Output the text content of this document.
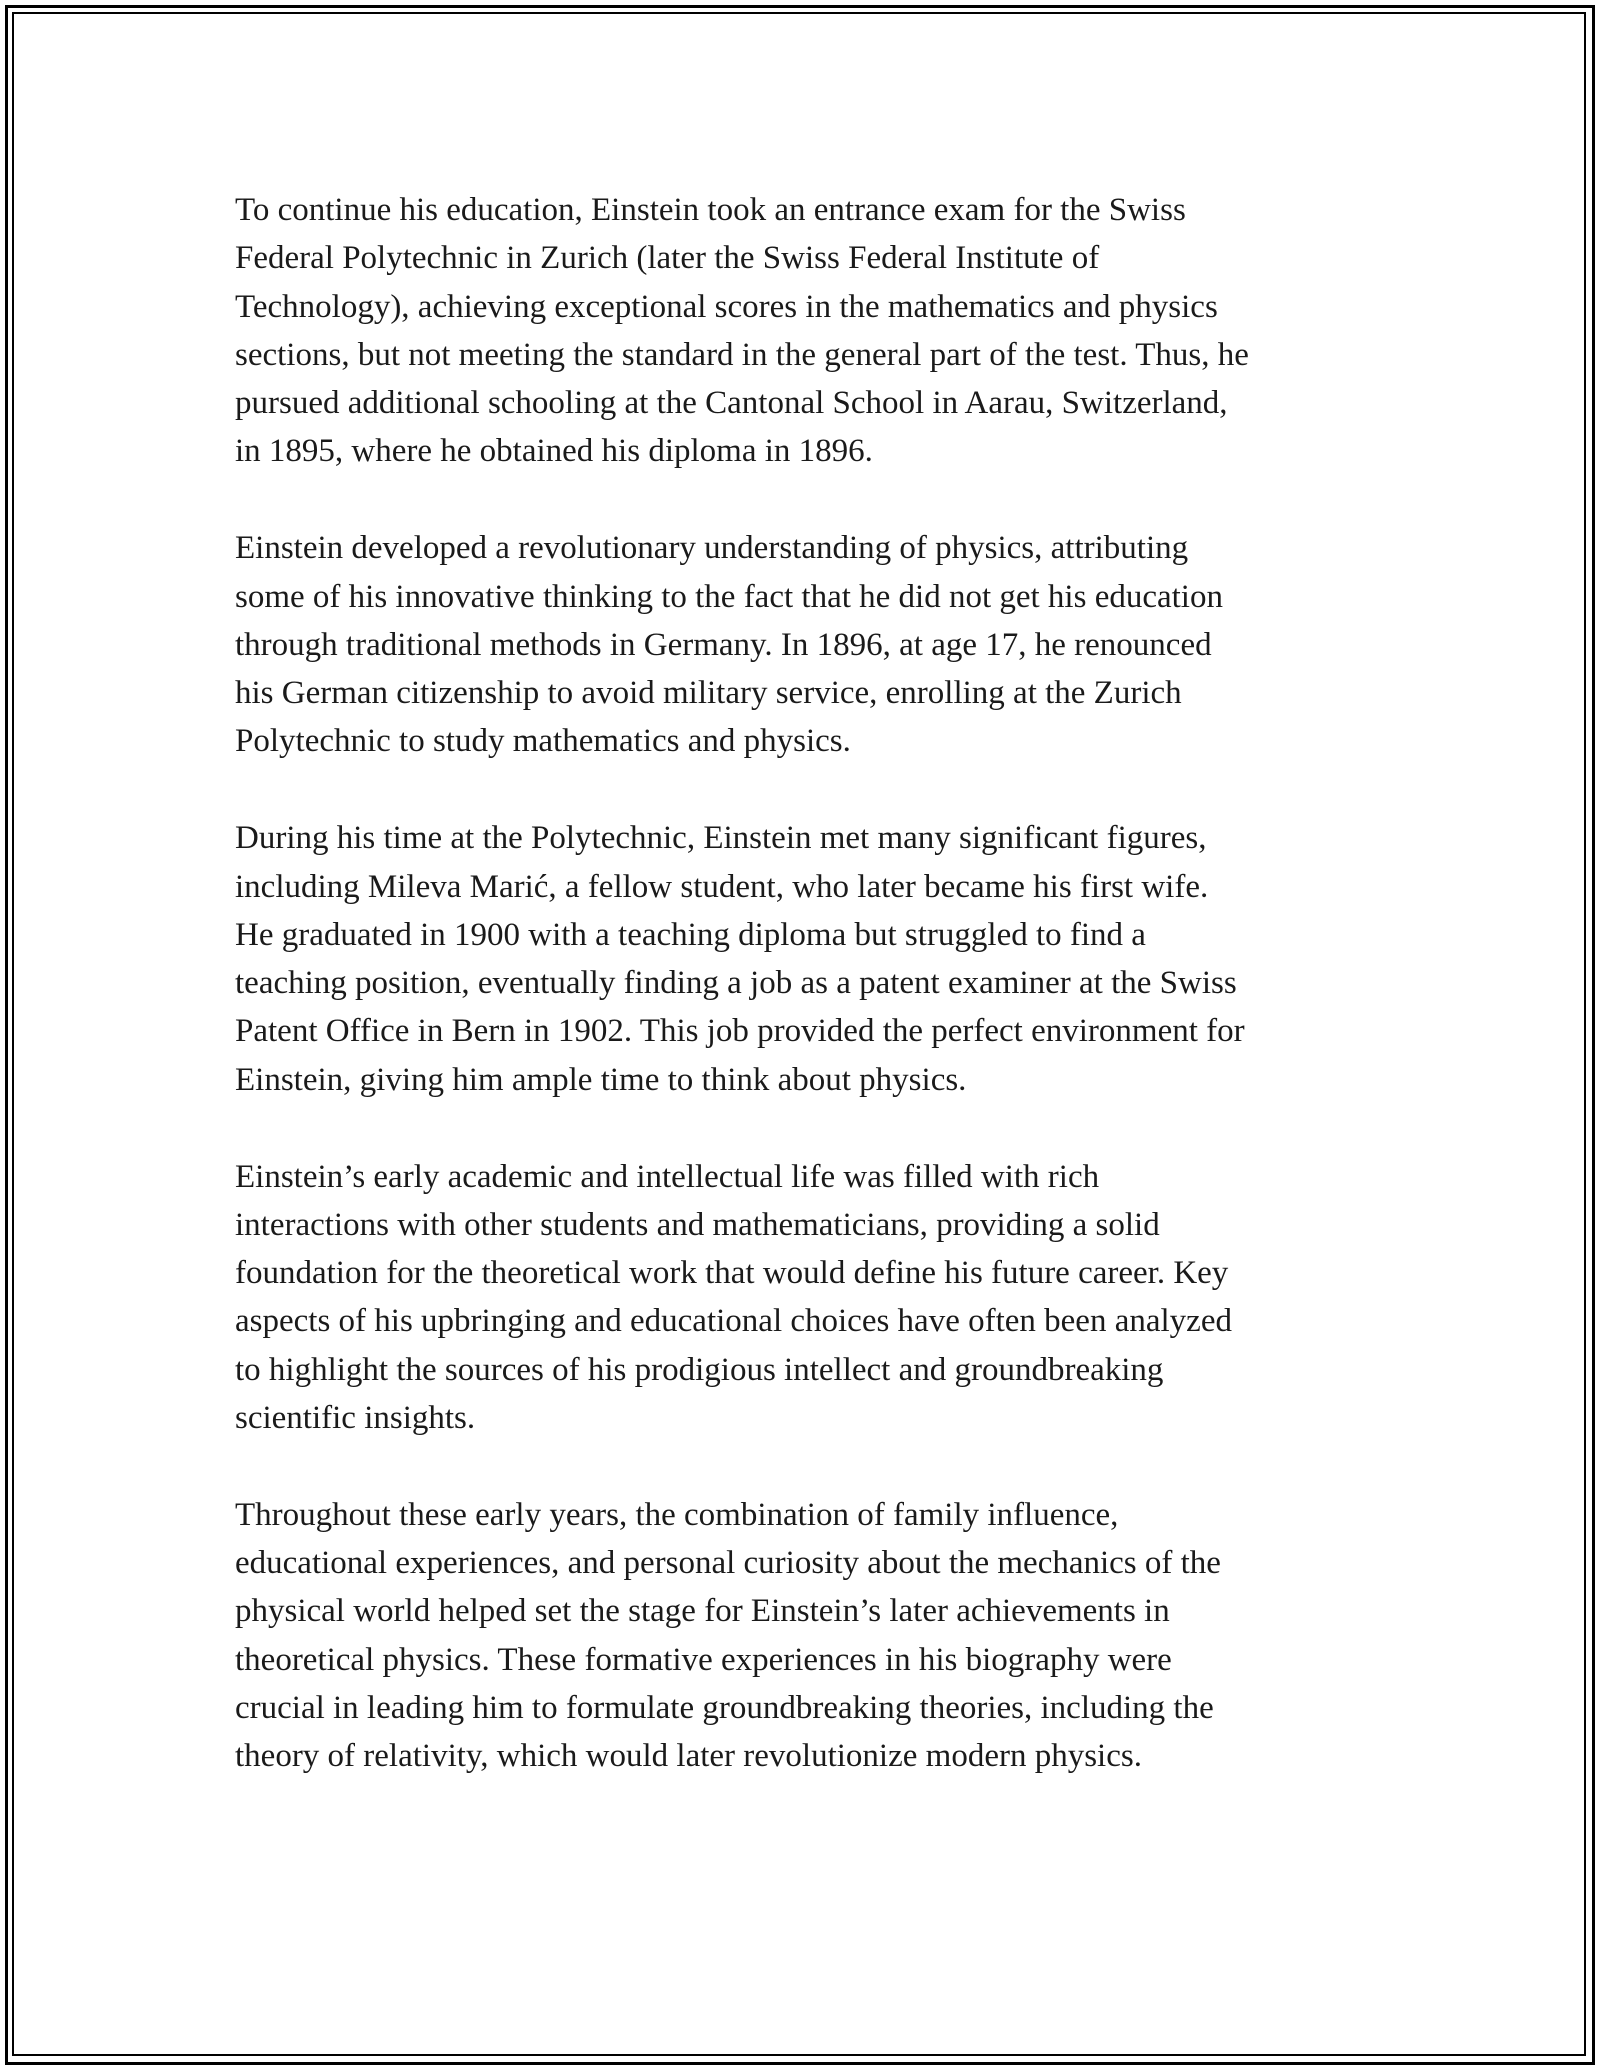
To continue his education, Einstein took an entrance exam for the Swiss
Federal Polytechnic in Zurich (later the Swiss Federal Institute of
Technology), achieving exceptional scores in the mathematics and physics
sections, but not meeting the standard in the general part of the test. Thus, he
pursued additional schooling at the Cantonal School in Aarau, Switzerland,
in 1895, where he obtained his diploma in 1896.

Einstein developed a revolutionary understanding of physics, attributing
some of his innovative thinking to the fact that he did not get his education
through traditional methods in Germany. In 1896, at age 17, he renounced
his German citizenship to avoid military service, enrolling at the Zurich
Polytechnic to study mathematics and physics.

During his time at the Polytechnic, Einstein met many significant figures,
including Mileva Marić, a fellow student, who later became his first wife.
He graduated in 1900 with a teaching diploma but struggled to find a
teaching position, eventually finding a job as a patent examiner at the Swiss
Patent Office in Bern in 1902. This job provided the perfect environment for
Einstein, giving him ample time to think about physics.

Einstein’s early academic and intellectual life was filled with rich
interactions with other students and mathematicians, providing a solid
foundation for the theoretical work that would define his future career. Key
aspects of his upbringing and educational choices have often been analyzed
to highlight the sources of his prodigious intellect and groundbreaking
scientific insights.

Throughout these early years, the combination of family influence,
educational experiences, and personal curiosity about the mechanics of the
physical world helped set the stage for Einstein’s later achievements in
theoretical physics. These formative experiences in his biography were
crucial in leading him to formulate groundbreaking theories, including the
theory of relativity, which would later revolutionize modern physics.
